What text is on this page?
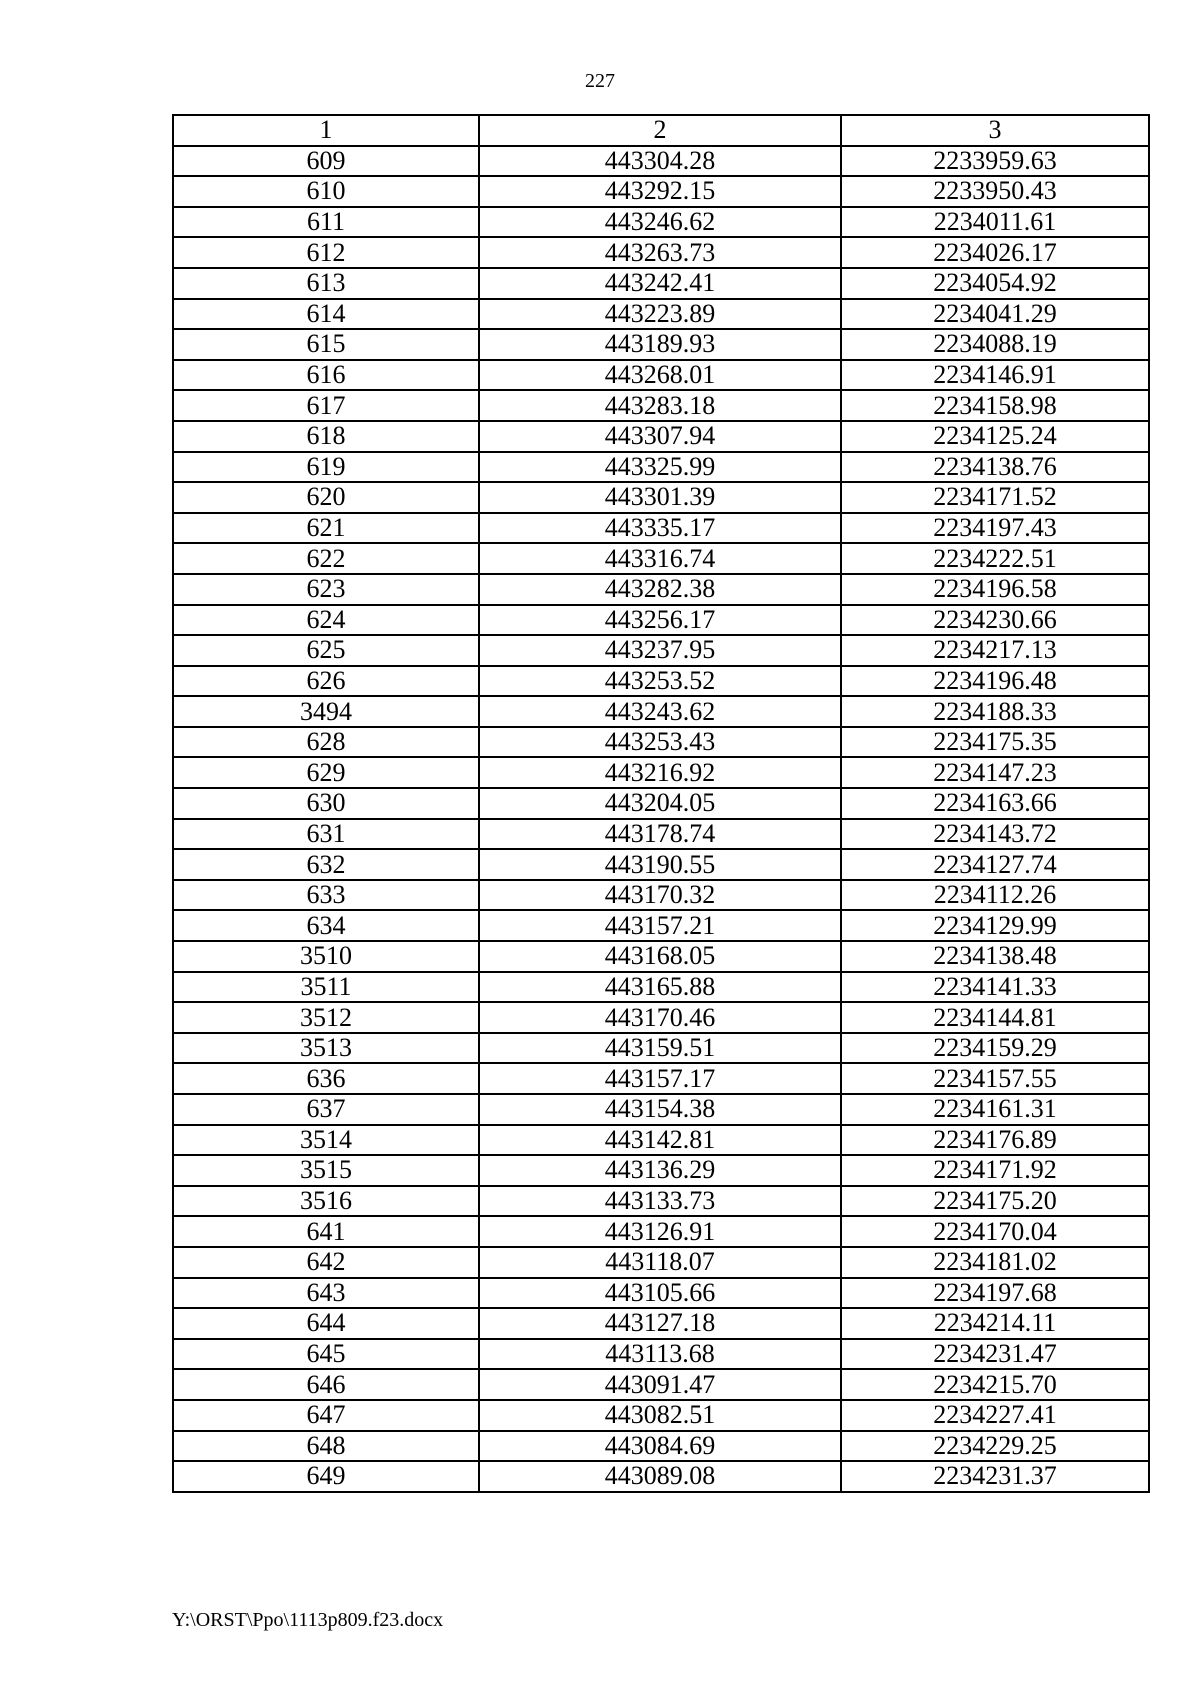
227
1	2	3
609	443304.28	2233959.63
610	443292.15	2233950.43
611	443246.62	2234011.61
612	443263.73	2234026.17
613	443242.41	2234054.92
614	443223.89	2234041.29
615	443189.93	2234088.19
616	443268.01	2234146.91
617	443283.18	2234158.98
618	443307.94	2234125.24
619	443325.99	2234138.76
620	443301.39	2234171.52
621	443335.17	2234197.43
622	443316.74	2234222.51
623	443282.38	2234196.58
624	443256.17	2234230.66
625	443237.95	2234217.13
626	443253.52	2234196.48
3494	443243.62	2234188.33
628	443253.43	2234175.35
629	443216.92	2234147.23
630	443204.05	2234163.66
631	443178.74	2234143.72
632	443190.55	2234127.74
633	443170.32	2234112.26
634	443157.21	2234129.99
3510	443168.05	2234138.48
3511	443165.88	2234141.33
3512	443170.46	2234144.81
3513	443159.51	2234159.29
636	443157.17	2234157.55
637	443154.38	2234161.31
3514	443142.81	2234176.89
3515	443136.29	2234171.92
3516	443133.73	2234175.20
641	443126.91	2234170.04
642	443118.07	2234181.02
643	443105.66	2234197.68
644	443127.18	2234214.11
645	443113.68	2234231.47
646	443091.47	2234215.70
647	443082.51	2234227.41
648	443084.69	2234229.25
649	443089.08	2234231.37
Y:\ORST\Ppo\1113p809.f23.docx
